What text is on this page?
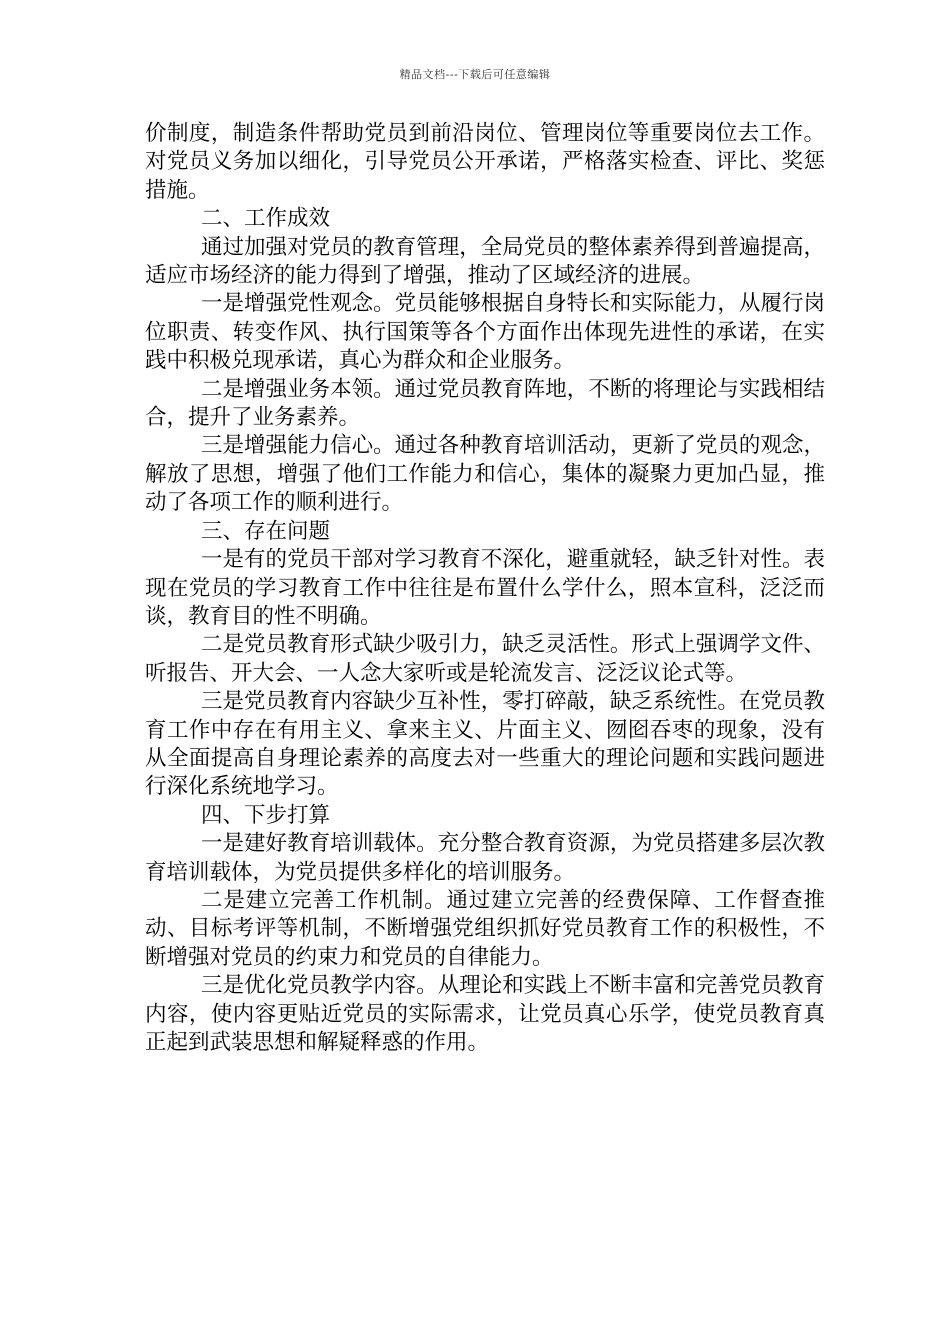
精品文档---下载后可任意编辑

价制度，制造条件帮助党员到前沿岗位、管理岗位等重要岗位去工作。对党员义务加以细化，引导党员公开承诺，严格落实检查、评比、奖惩措施。

二、工作成效

通过加强对党员的教育管理，全局党员的整体素养得到普遍提高，适应市场经济的能力得到了增强，推动了区域经济的进展。

一是增强党性观念。党员能够根据自身特长和实际能力，从履行岗位职责、转变作风、执行国策等各个方面作出体现先进性的承诺，在实践中积极兑现承诺，真心为群众和企业服务。

二是增强业务本领。通过党员教育阵地，不断的将理论与实践相结合，提升了业务素养。

三是增强能力信心。通过各种教育培训活动，更新了党员的观念，解放了思想，增强了他们工作能力和信心，集体的凝聚力更加凸显，推动了各项工作的顺利进行。

三、存在问题

一是有的党员干部对学习教育不深化，避重就轻，缺乏针对性。表现在党员的学习教育工作中往往是布置什么学什么，照本宣科，泛泛而谈，教育目的性不明确。

二是党员教育形式缺少吸引力，缺乏灵活性。形式上强调学文件、听报告、开大会、一人念大家听或是轮流发言、泛泛议论式等。

三是党员教育内容缺少互补性，零打碎敲，缺乏系统性。在党员教育工作中存在有用主义、拿来主义、片面主义、囫囵吞枣的现象，没有从全面提高自身理论素养的高度去对一些重大的理论问题和实践问题进行深化系统地学习。

四、下步打算

一是建好教育培训载体。充分整合教育资源，为党员搭建多层次教育培训载体，为党员提供多样化的培训服务。

二是建立完善工作机制。通过建立完善的经费保障、工作督查推动、目标考评等机制，不断增强党组织抓好党员教育工作的积极性，不断增强对党员的约束力和党员的自律能力。

三是优化党员教学内容。从理论和实践上不断丰富和完善党员教育内容，使内容更贴近党员的实际需求，让党员真心乐学，使党员教育真正起到武装思想和解疑释惑的作用。
